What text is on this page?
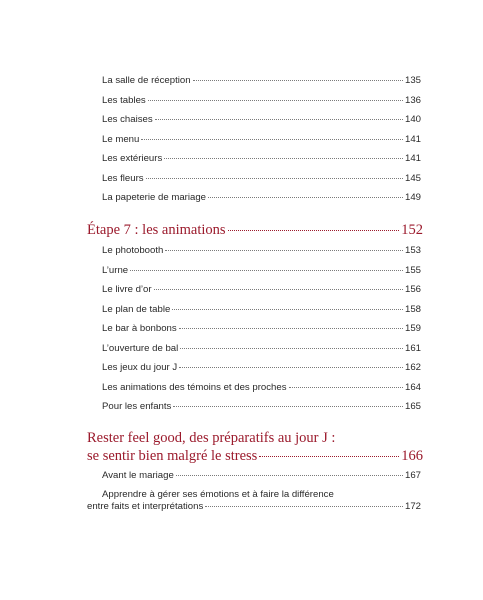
La salle de réception	135
Les tables	136
Les chaises	140
Le menu	141
Les extérieurs	141
Les fleurs	145
La papeterie de mariage	149
Étape 7 : les animations	152
Le photobooth	153
L’urne	155
Le livre d’or	156
Le plan de table	158
Le bar à bonbons	159
L’ouverture de bal	161
Les jeux du jour J	162
Les animations des témoins et des proches	164
Pour les enfants	165
Rester feel good, des préparatifs au jour J :
se sentir bien malgré le stress	166
Avant le mariage	167
Apprendre à gérer ses émotions et à faire la différence
entre faits et interprétations	172
